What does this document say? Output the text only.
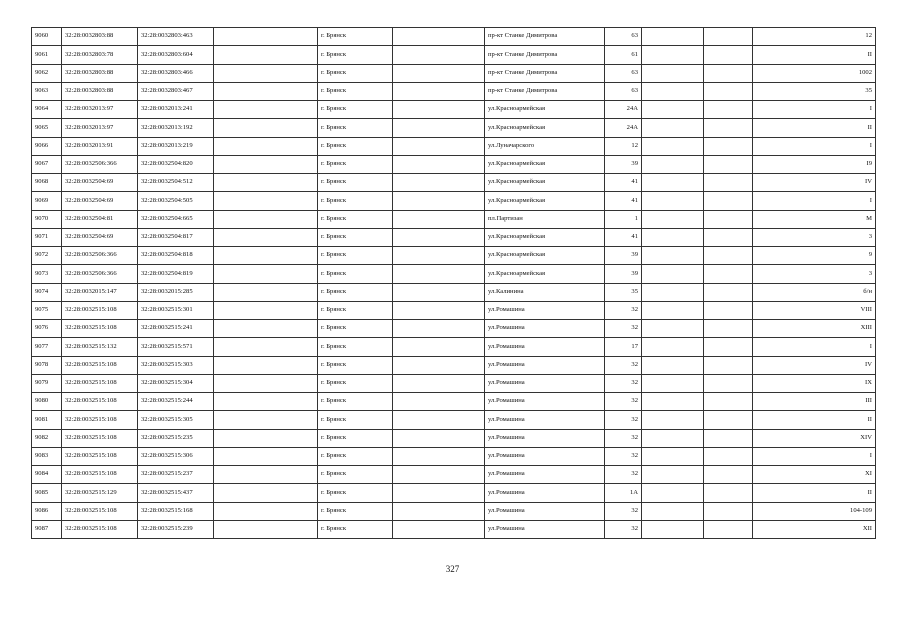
9060	32:28:0032803:88	32:28:0032803:463		г. Брянск		пр-кт Станке Димитрова	63			12
9061	32:28:0032803:78	32:28:0032803:604		г. Брянск		пр-кт Станке Димитрова	61			II
9062	32:28:0032803:88	32:28:0032803:466		г. Брянск		пр-кт Станке Димитрова	63			1002
9063	32:28:0032803:88	32:28:0032803:467		г. Брянск		пр-кт Станке Димитрова	63			35
9064	32:28:0032013:97	32:28:0032013:241		г. Брянск		ул.Красноармейская	24А			I
9065	32:28:0032013:97	32:28:0032013:192		г. Брянск		ул.Красноармейская	24А			II
9066	32:28:0032013:91	32:28:0032013:219		г. Брянск		ул.Луначарского	12			I
9067	32:28:0032506:366	32:28:0032504:820		г. Брянск		ул.Красноармейская	39			I9
9068	32:28:0032504:69	32:28:0032504:512		г. Брянск		ул.Красноармейская	41			IV
9069	32:28:0032504:69	32:28:0032504:505		г. Брянск		ул.Красноармейская	41			I
9070	32:28:0032504:81	32:28:0032504:665		г. Брянск		пл.Партизан	1			М
9071	32:28:0032504:69	32:28:0032504:817		г. Брянск		ул.Красноармейская	41			3
9072	32:28:0032506:366	32:28:0032504:818		г. Брянск		ул.Красноармейская	39			9
9073	32:28:0032506:366	32:28:0032504:819		г. Брянск		ул.Красноармейская	39			3
9074	32:28:0032015:147	32:28:0032015:285		г. Брянск		ул.Калинина	35			б/н
9075	32:28:0032515:108	32:28:0032515:301		г. Брянск		ул.Ромашина	32			VIII
9076	32:28:0032515:108	32:28:0032515:241		г. Брянск		ул.Ромашина	32			XIII
9077	32:28:0032515:132	32:28:0032515:571		г. Брянск		ул.Ромашина	17			I
9078	32:28:0032515:108	32:28:0032515:303		г. Брянск		ул.Ромашина	32			IV
9079	32:28:0032515:108	32:28:0032515:304		г. Брянск		ул.Ромашина	32			IX
9080	32:28:0032515:108	32:28:0032515:244		г. Брянск		ул.Ромашина	32			III
9081	32:28:0032515:108	32:28:0032515:305		г. Брянск		ул.Ромашина	32			II
9082	32:28:0032515:108	32:28:0032515:235		г. Брянск		ул.Ромашина	32			XIV
9083	32:28:0032515:108	32:28:0032515:306		г. Брянск		ул.Ромашина	32			I
9084	32:28:0032515:108	32:28:0032515:237		г. Брянск		ул.Ромашина	32			XI
9085	32:28:0032515:129	32:28:0032515:437		г. Брянск		ул.Ромашина	1А			II
9086	32:28:0032515:108	32:28:0032515:168		г. Брянск		ул.Ромашина	32			104-109
9087	32:28:0032515:108	32:28:0032515:239		г. Брянск		ул.Ромашина	32			XII
327
